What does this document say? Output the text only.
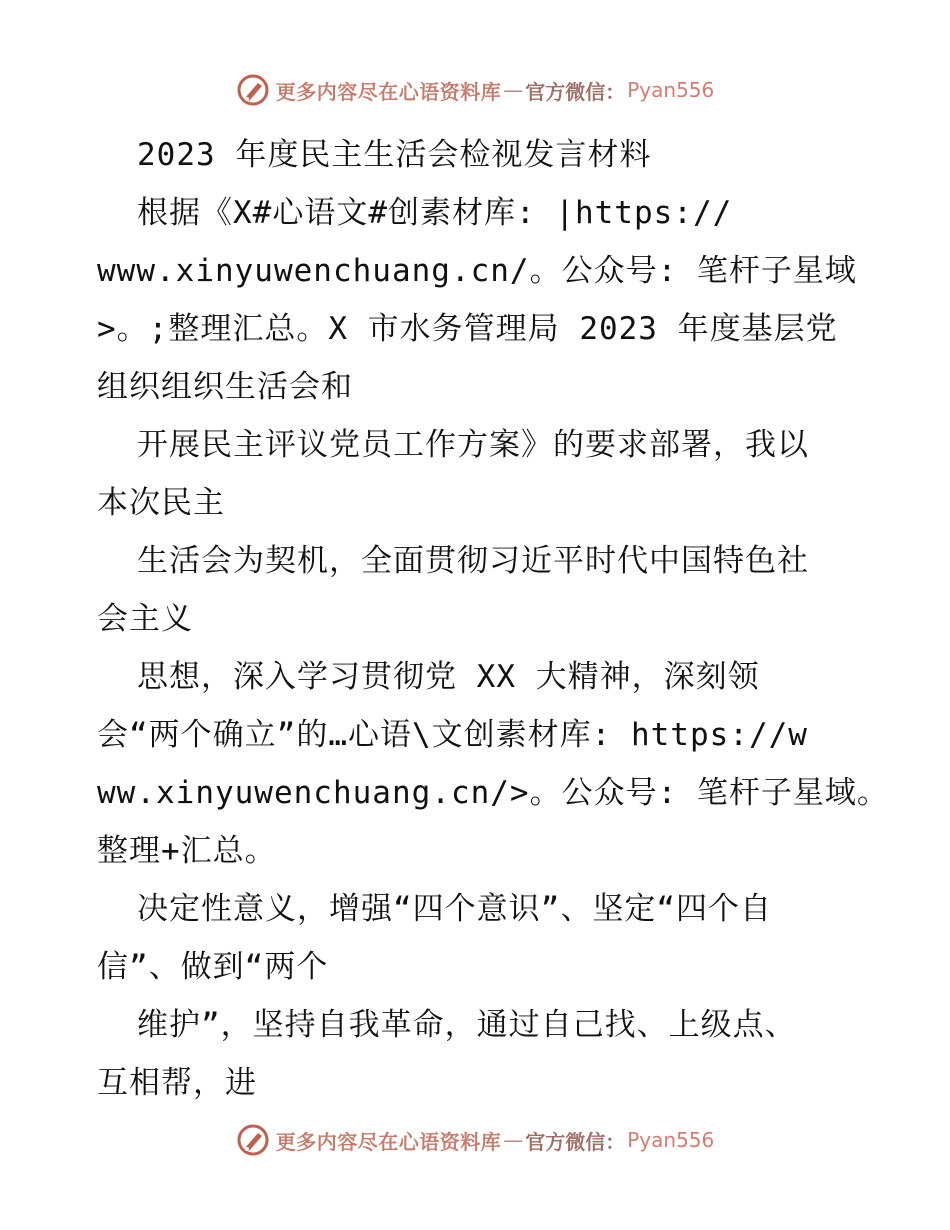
更多内容尽在心语资料库 — 官方微信： Pyan556
2023 年度民主生活会检视发言材料
根据《X#心语文#创素材库: |https://
www.xinyuwenchuang.cn/。公众号: 笔杆子星域
>。;整理汇总。X 市水务管理局 2023 年度基层党
组织组织生活会和
开展民主评议党员工作方案》的要求部署，我以
本次民主
生活会为契机，全面贯彻习近平时代中国特色社
会主义
思想，深入学习贯彻党 XX 大精神，深刻领
会“两个确立”的…心语\文创素材库: https://w
ww.xinyuwenchuang.cn/>。公众号: 笔杆子星域。
整理+汇总。
决定性意义，增强“四个意识”、坚定“四个自
信”、做到“两个
维护”，坚持自我革命，通过自己找、上级点、
互相帮，进
更多内容尽在心语资料库 — 官方微信： Pyan556
